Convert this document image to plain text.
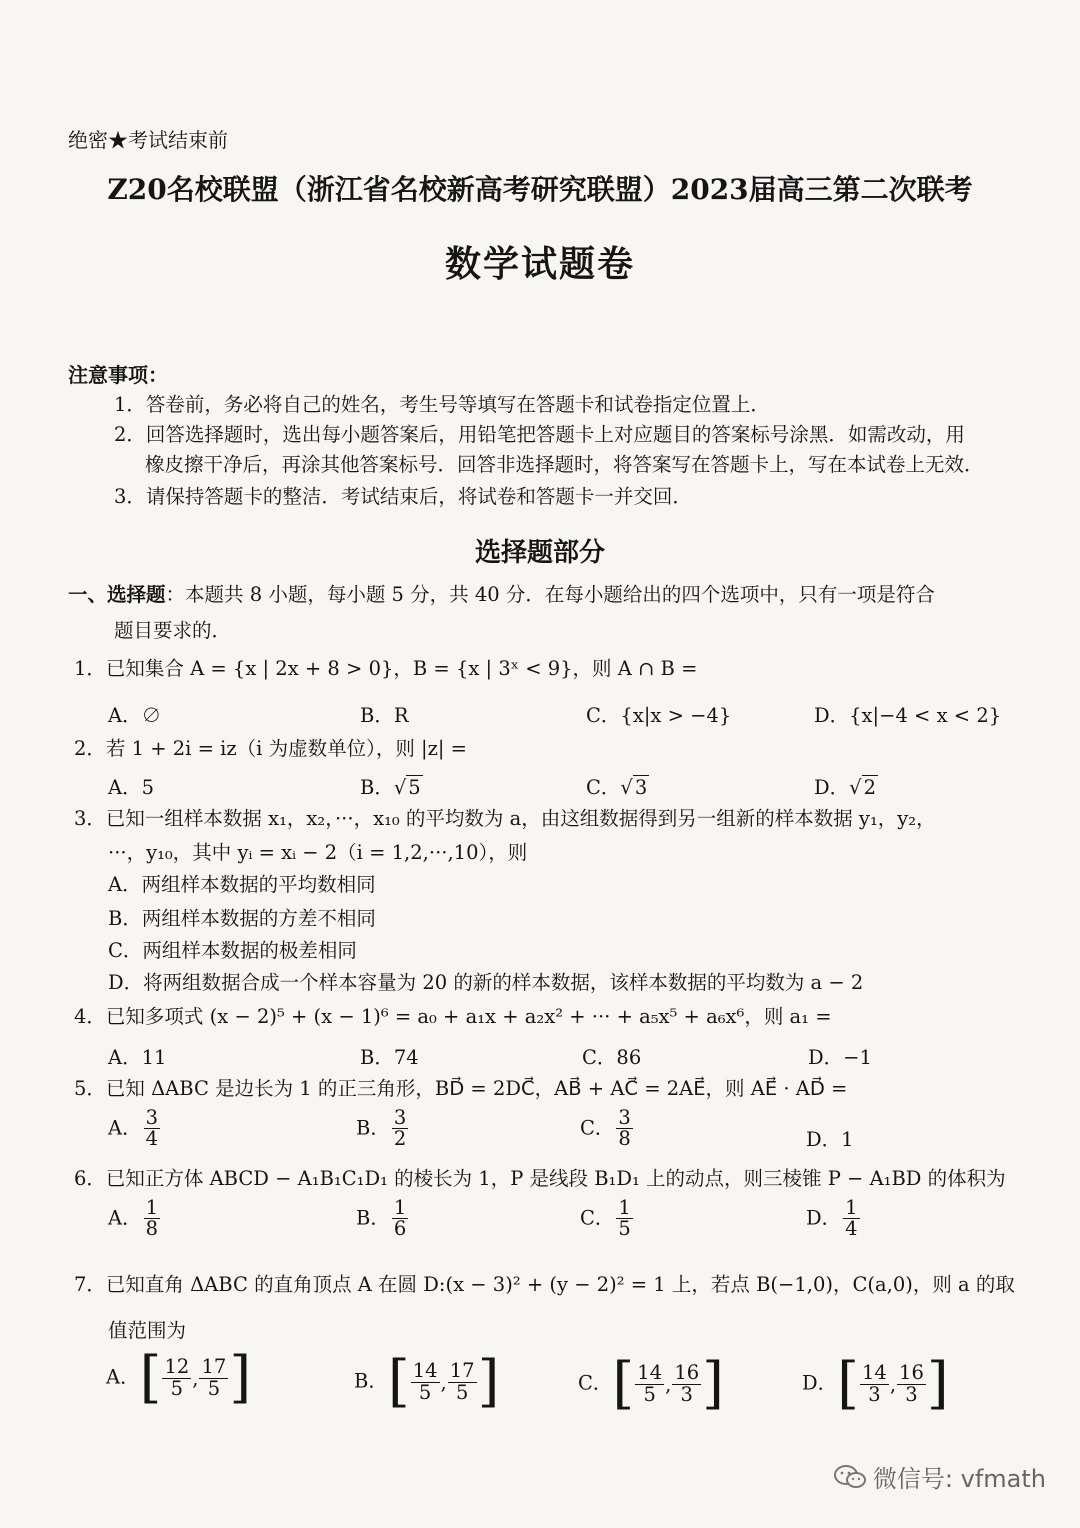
绝密★考试结束前
Z20名校联盟（浙江省名校新高考研究联盟）2023届高三第二次联考
数学试题卷
注意事项：
1．答卷前，务必将自己的姓名，考生号等填写在答题卡和试卷指定位置上．
2．回答选择题时，选出每小题答案后，用铅笔把答题卡上对应题目的答案标号涂黑．如需改动，用
橡皮擦干净后，再涂其他答案标号．回答非选择题时，将答案写在答题卡上，写在本试卷上无效．
3．请保持答题卡的整洁．考试结束后，将试卷和答题卡一并交回．
选择题部分
一、选择题：本题共 8 小题，每小题 5 分，共 40 分．在每小题给出的四个选项中，只有一项是符合
题目要求的．
1．已知集合 A = {x | 2x + 8 > 0}，B = {x | 3ˣ < 9}，则 A ∩ B =
A．∅	B．R	C．{x|x > −4}	D．{x|−4 < x < 2}
2．若 1 + 2i = iz（i 为虚数单位），则 |z| =
A．5	B．√ 5	C．√ 3	D．√ 2
3．已知一组样本数据 x₁，x₂，···，x₁₀ 的平均数为 a，由这组数据得到另一组新的样本数据 y₁，y₂，
···，y₁₀，其中 yᵢ = xᵢ − 2（i = 1,2,···,10），则
A．两组样本数据的平均数相同
B．两组样本数据的方差不相同
C．两组样本数据的极差相同
D．将两组数据合成一个样本容量为 20 的新的样本数据，该样本数据的平均数为 a − 2
4．已知多项式 (x − 2)⁵ + (x − 1)⁶ = a₀ + a₁x + a₂x² + ··· + a₅x⁵ + a₆x⁶，则 a₁ =
A．11	B．74	C．86	D．−1
5．已知 ΔABC 是边长为 1 的正三角形，BD⃗ = 2DC⃗，AB⃗ + AC⃗ = 2AE⃗，则 AE⃗ · AD⃗ =
A． $\frac{3}{4}$	B． $\frac{3}{2}$	C． $\frac{3}{8}$	D．1
6．已知正方体 ABCD − A₁B₁C₁D₁ 的棱长为 1，P 是线段 B₁D₁ 上的动点，则三棱锥 P − A₁BD 的体积为
A． $\frac{1}{8}$	B． $\frac{1}{6}$	C． $\frac{1}{5}$	D． $\frac{1}{4}$
7．已知直角 ΔABC 的直角顶点 A 在圆 D:(x − 3)² + (y − 2)² = 1 上，若点 B(−1,0)，C(a,0)，则 a 的取
值范围为
A． [ $\frac{12}{5}$ , $\frac{17}{5}$ ]	B． [ $\frac{14}{5}$ , $\frac{17}{5}$ ]	C． [ $\frac{14}{5}$ , $\frac{16}{3}$ ]	D． [ $\frac{14}{3}$ , $\frac{16}{3}$ ]
微信号: vfmath
